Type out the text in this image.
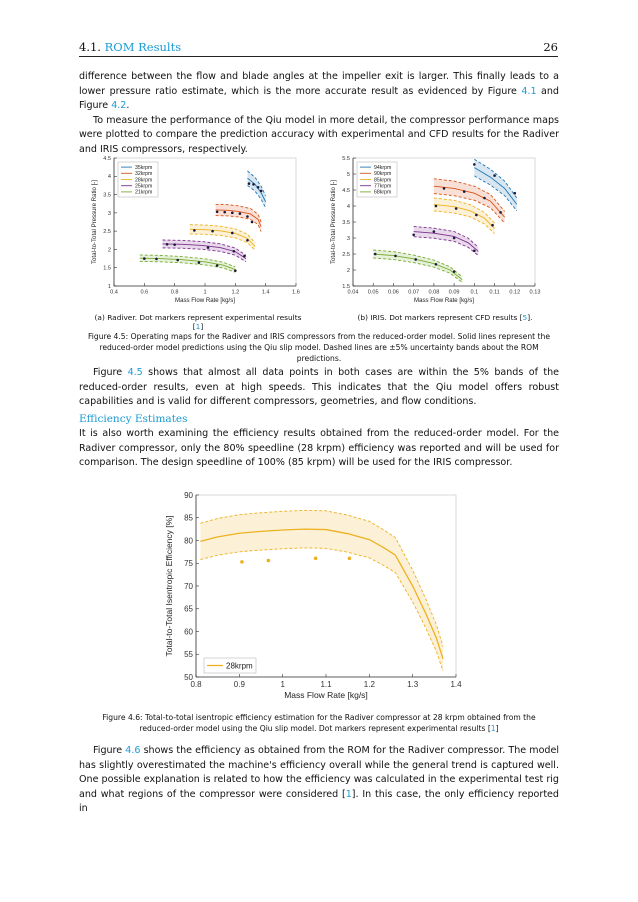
4.1. ROM Results	26

difference between the flow and blade angles at the impeller exit is larger. This finally leads to a lower pressure ratio estimate, which is the more accurate result as evidenced by Figure 4.1 and Figure 4.2.

To measure the performance of the Qiu model in more detail, the compressor performance maps were plotted to compare the prediction accuracy with experimental and CFD results for the Radiver and IRIS compressors, respectively.

0.4	0.6	0.8	1	1.2	1.4	1.6
1
1.5
2
2.5
3
3.5
4
4.5
Mass Flow Rate [kg/s]
Total-to-Total Pressure Ratio [-]
35krpm
32krpm
28krpm
25krpm
21krpm
0.04 0.05 0.06 0.07 0.08 0.09 0.1 0.11 0.12 0.13
1.5
2
2.5
3
3.5
4
4.5
5
5.5
Mass Flow Rate [kg/s]
Total-to-Total Pressure Ratio [-]
94krpm
90krpm
85krpm
77krpm
68krpm
(a) Radiver. Dot markers represent experimental results [1]
(b) IRIS. Dot markers represent CFD results [5].
Figure 4.5: Operating maps for the Radiver and IRIS compressors from the reduced-order model. Solid lines represent the
reduced-order model predictions using the Qiu slip model. Dashed lines are ±5% uncertainty bands about the ROM predictions.

Figure 4.5 shows that almost all data points in both cases are within the 5% bands of the reduced-order results, even at high speeds. This indicates that the Qiu model offers robust capabilities and is valid for different compressors, geometries, and flow conditions.

Efficiency Estimates
It is also worth examining the efficiency results obtained from the reduced-order model. For the Radiver compressor, only the 80% speedline (28 krpm) efficiency was reported and will be used for comparison. The design speedline of 100% (85 krpm) will be used for the IRIS compressor.
0.8	0.9	1	1.1	1.2	1.3	1.4
50
55
60
65
70
75
80
85
90
Mass Flow Rate [kg/s]
Total-to-Total Isentropic Efficiency [%]
28krpm
Figure 4.6: Total-to-total isentropic efficiency estimation for the Radiver compressor at 28 krpm obtained from the
reduced-order model using the Qiu slip model. Dot markers represent experimental results [1]

Figure 4.6 shows the efficiency as obtained from the ROM for the Radiver compressor. The model has slightly overestimated the machine's efficiency overall while the general trend is captured well. One possible explanation is related to how the efficiency was calculated in the experimental test rig and what regions of the compressor were considered [1]. In this case, the only efficiency reported in
